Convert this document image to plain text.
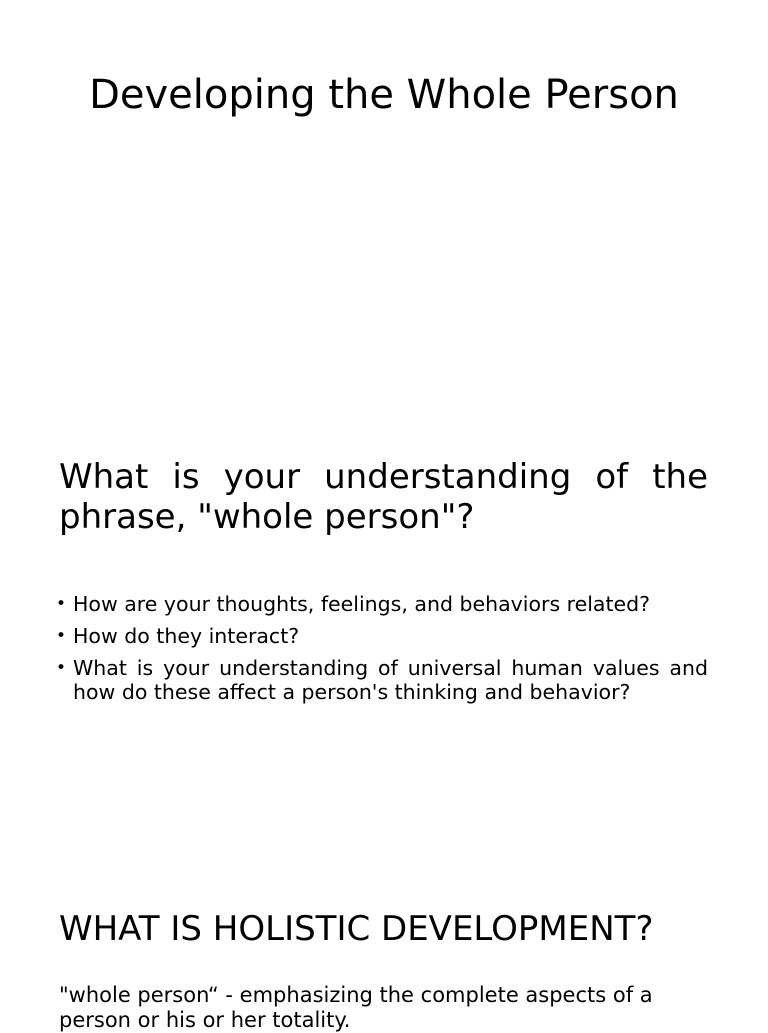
Developing the Whole Person
What is your understanding of the phrase, "whole person"?
• How are your thoughts, feelings, and behaviors related?
• How do they interact?
• What is your understanding of universal human values and how do these affect a person's thinking and behavior?
WHAT IS HOLISTIC DEVELOPMENT?

"whole person“ - emphasizing the complete aspects of a person or his or her totality.
